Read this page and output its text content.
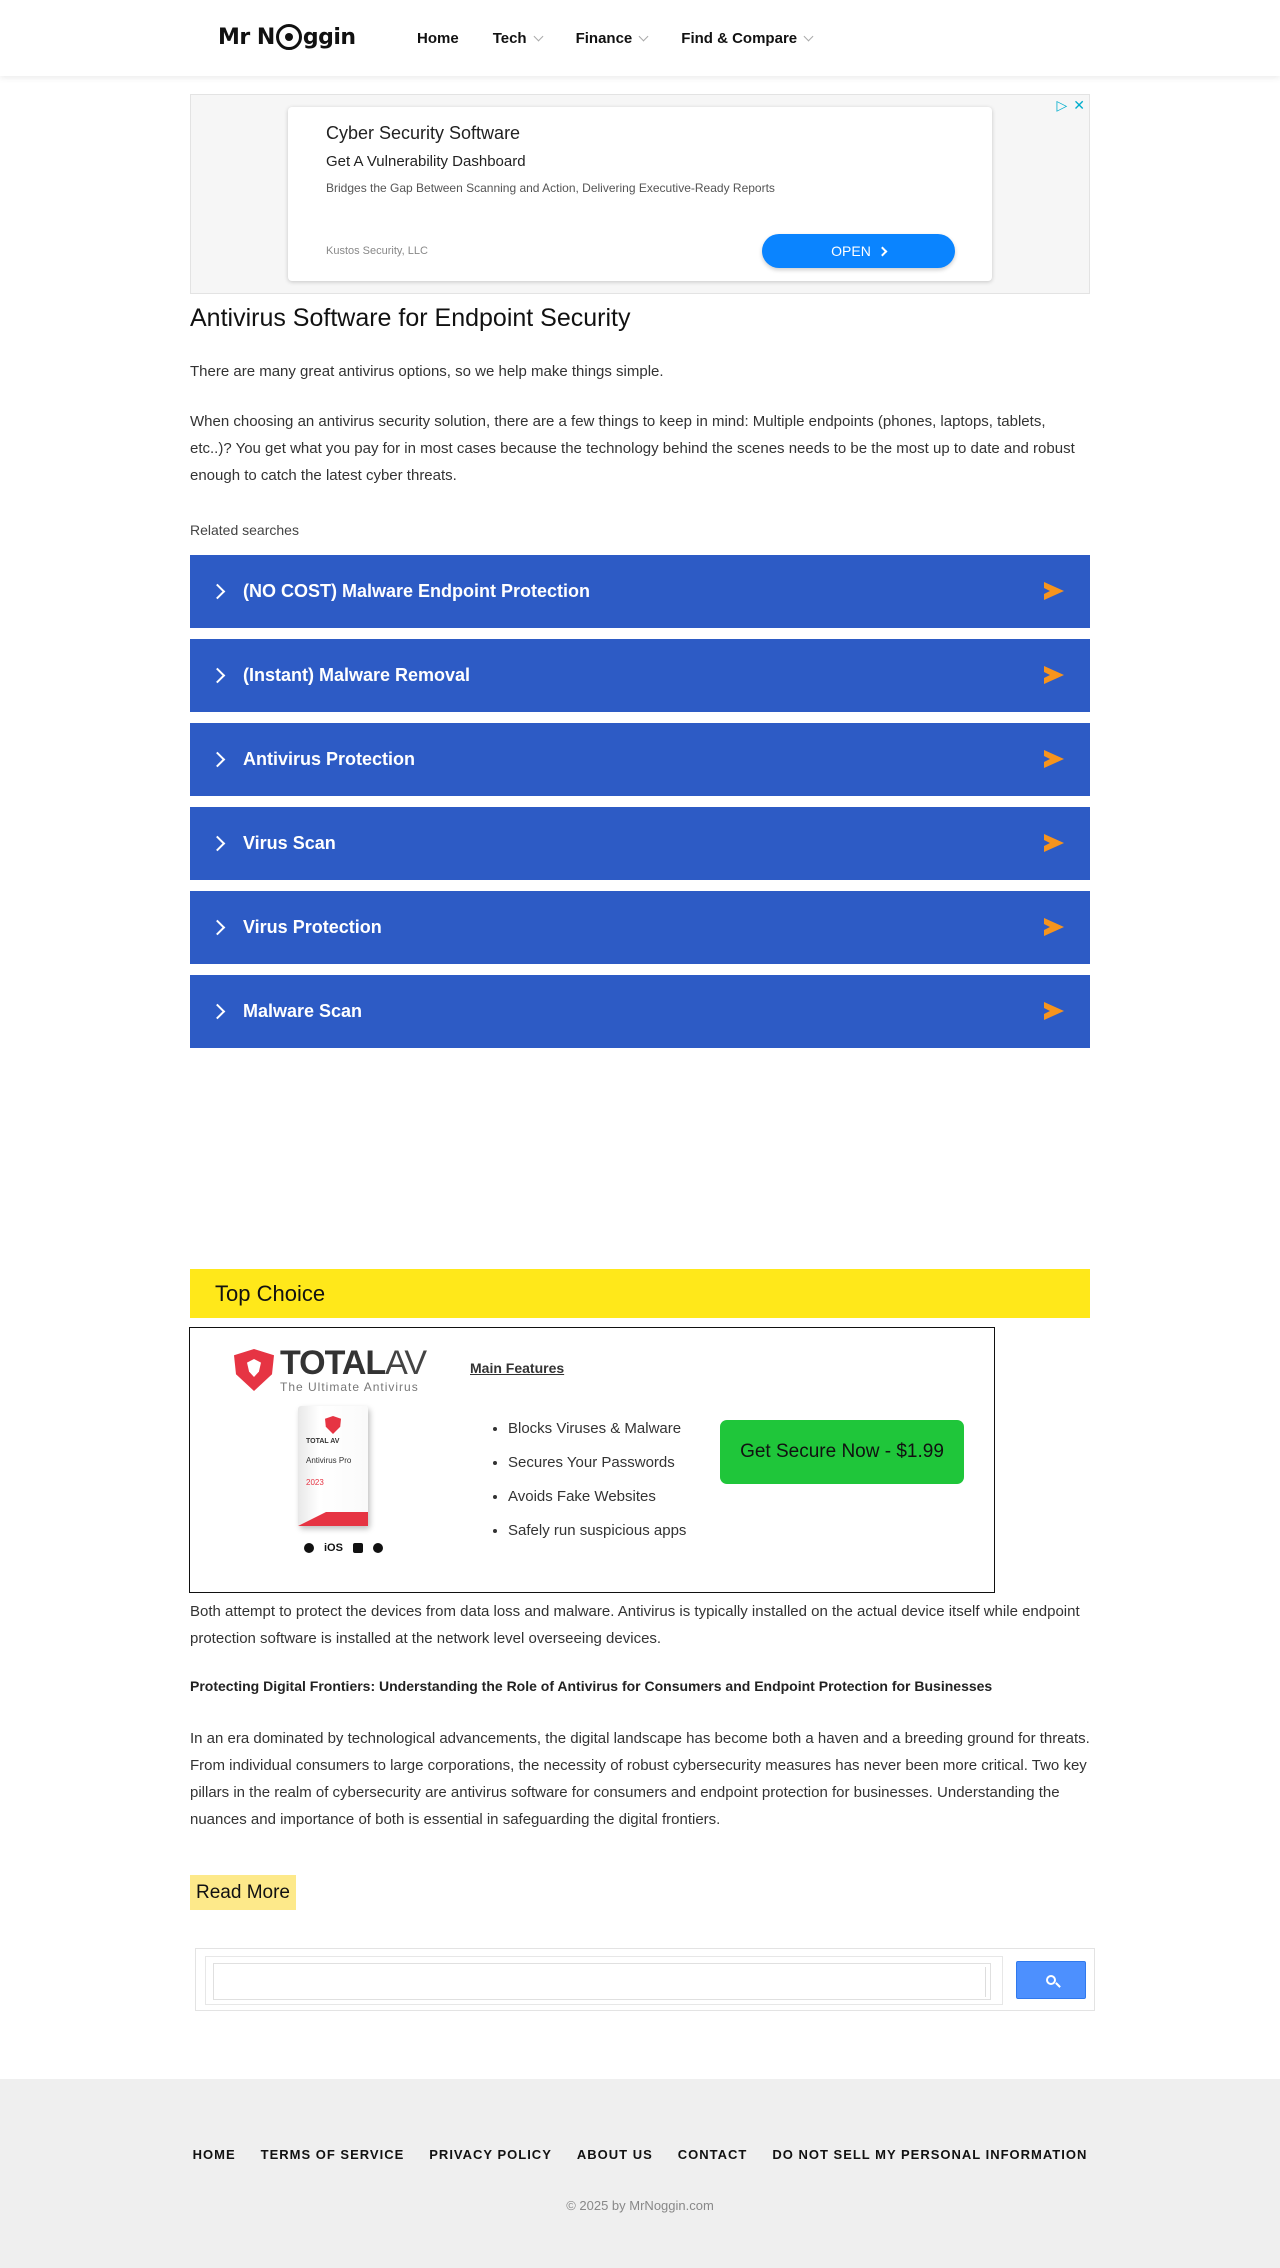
Mr N ggin	Home Tech	Finance	Find & Compare
▷ ✕
Cyber Security Software
Get A Vulnerability Dashboard
Bridges the Gap Between Scanning and Action, Delivering Executive-Ready Reports
Kustos Security, LLC	OPEN
Antivirus Software for Endpoint Security

There are many great antivirus options, so we help make things simple.

When choosing an antivirus security solution, there are a few things to keep in mind: Multiple endpoints (phones, laptops, tablets, etc..)? You get what you pay for in most cases because the technology behind the scenes needs to be the most up to date and robust enough to catch the latest cyber threats.

Related searches
(NO COST) Malware Endpoint Protection
(Instant) Malware Removal
Antivirus Protection
Virus Scan
Virus Protection
Malware Scan
Top Choice
TOTALAV
The Ultimate Antivirus
TOTAL AV
Antivirus Pro
2023
iOS
Main Features
• Blocks Viruses & Malware
• Secures Your Passwords
• Avoids Fake Websites
• Safely run suspicious apps
Get Secure Now - $1.99

Both attempt to protect the devices from data loss and malware. Antivirus is typically installed on the actual device itself while endpoint protection software is installed at the network level overseeing devices.

Protecting Digital Frontiers: Understanding the Role of Antivirus for Consumers and Endpoint Protection for Businesses

In an era dominated by technological advancements, the digital landscape has become both a haven and a breeding ground for threats. From individual consumers to large corporations, the necessity of robust cybersecurity measures has never been more critical. Two key pillars in the realm of cybersecurity are antivirus software for consumers and endpoint protection for businesses. Understanding the nuances and importance of both is essential in safeguarding the digital frontiers.

Read More
HOME TERMS OF SERVICE PRIVACY POLICY ABOUT US CONTACT DO NOT SELL MY PERSONAL INFORMATION
© 2025 by MrNoggin.com
